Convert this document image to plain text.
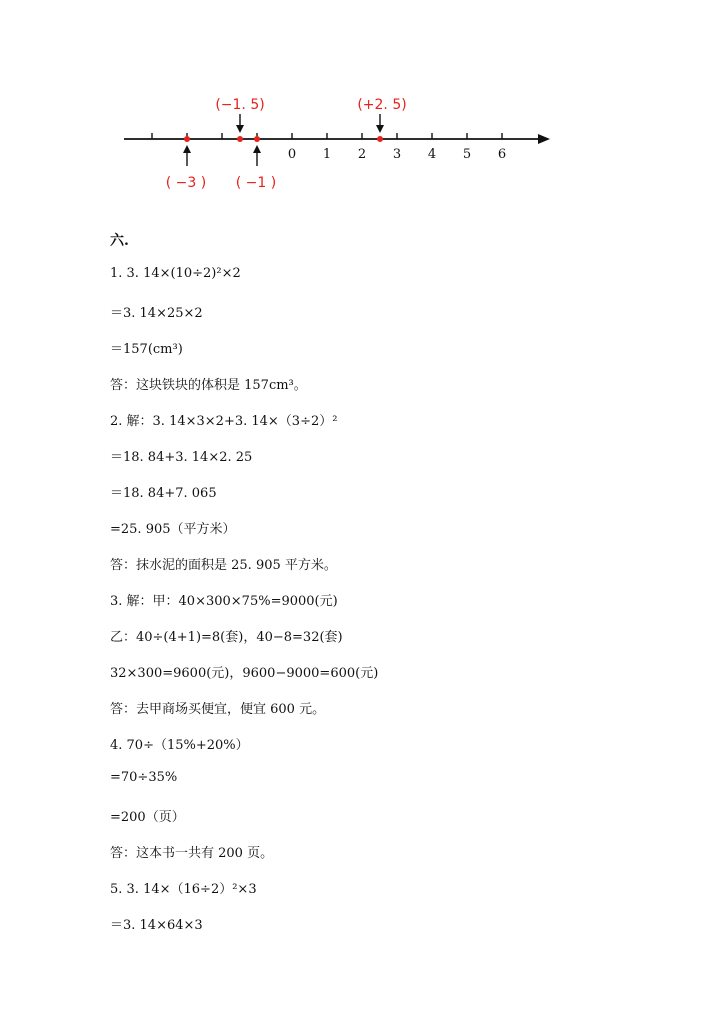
0 1 2 3 4 5 6
(−1. 5)	(+2. 5)
( −3 ) ( −1 )

六.

1. 3. 14×(10÷2)²×2

＝3. 14×25×2

＝157(cm³)

答：这块铁块的体积是 157cm³。

2. 解：3. 14×3×2+3. 14×（3÷2）²

＝18. 84+3. 14×2. 25

＝18. 84+7. 065

=25. 905（平方米）

答：抹水泥的面积是 25. 905 平方米。

3. 解：甲：40×300×75%=9000(元)

乙：40÷(4+1)=8(套)，40−8=32(套)

32×300=9600(元)，9600−9000=600(元)

答：去甲商场买便宜，便宜 600 元。

4. 70÷（15%+20%）

=70÷35%

=200（页）

答：这本书一共有 200 页。

5. 3. 14×（16÷2）²×3

＝3. 14×64×3
